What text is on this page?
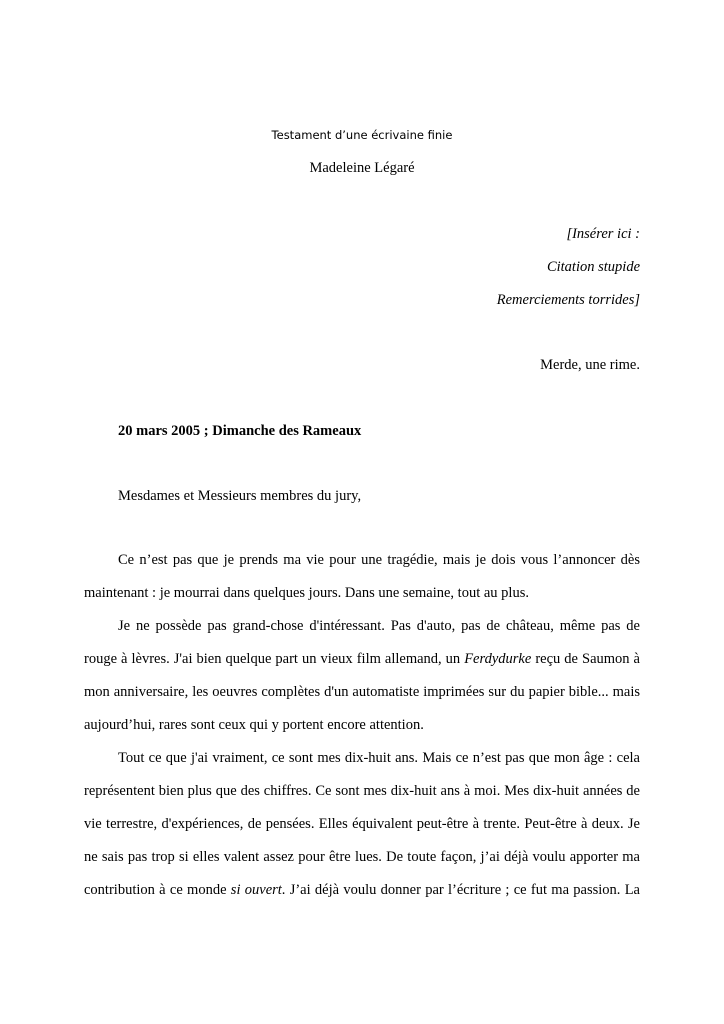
Testament d’une écrivaine finie
Madeleine Légaré
[Insérer ici :
Citation stupide
Remerciements torrides]
Merde, une rime.
20 mars 2005 ; Dimanche des Rameaux
Mesdames et Messieurs membres du jury,

Ce n’est pas que je prends ma vie pour une tragédie, mais je dois vous l’annoncer dès maintenant : je mourrai dans quelques jours. Dans une semaine, tout au plus.

Je ne possède pas grand-chose d'intéressant. Pas d'auto, pas de château, même pas de rouge à lèvres. J'ai bien quelque part un vieux film allemand, un Ferdydurke reçu de Saumon à mon anniversaire, les oeuvres complètes d'un automatiste imprimées sur du papier bible... mais aujourd’hui, rares sont ceux qui y portent encore attention.

Tout ce que j'ai vraiment, ce sont mes dix-huit ans. Mais ce n’est pas que mon âge : cela représentent bien plus que des chiffres. Ce sont mes dix-huit ans à moi. Mes dix-huit années de vie terrestre, d'expériences, de pensées. Elles équivalent peut-être à trente. Peut-être à deux. Je ne sais pas trop si elles valent assez pour être lues. De toute façon, j’ai déjà voulu apporter ma contribution à ce monde si ouvert. J’ai déjà voulu donner par l’écriture ; ce fut ma passion. La
